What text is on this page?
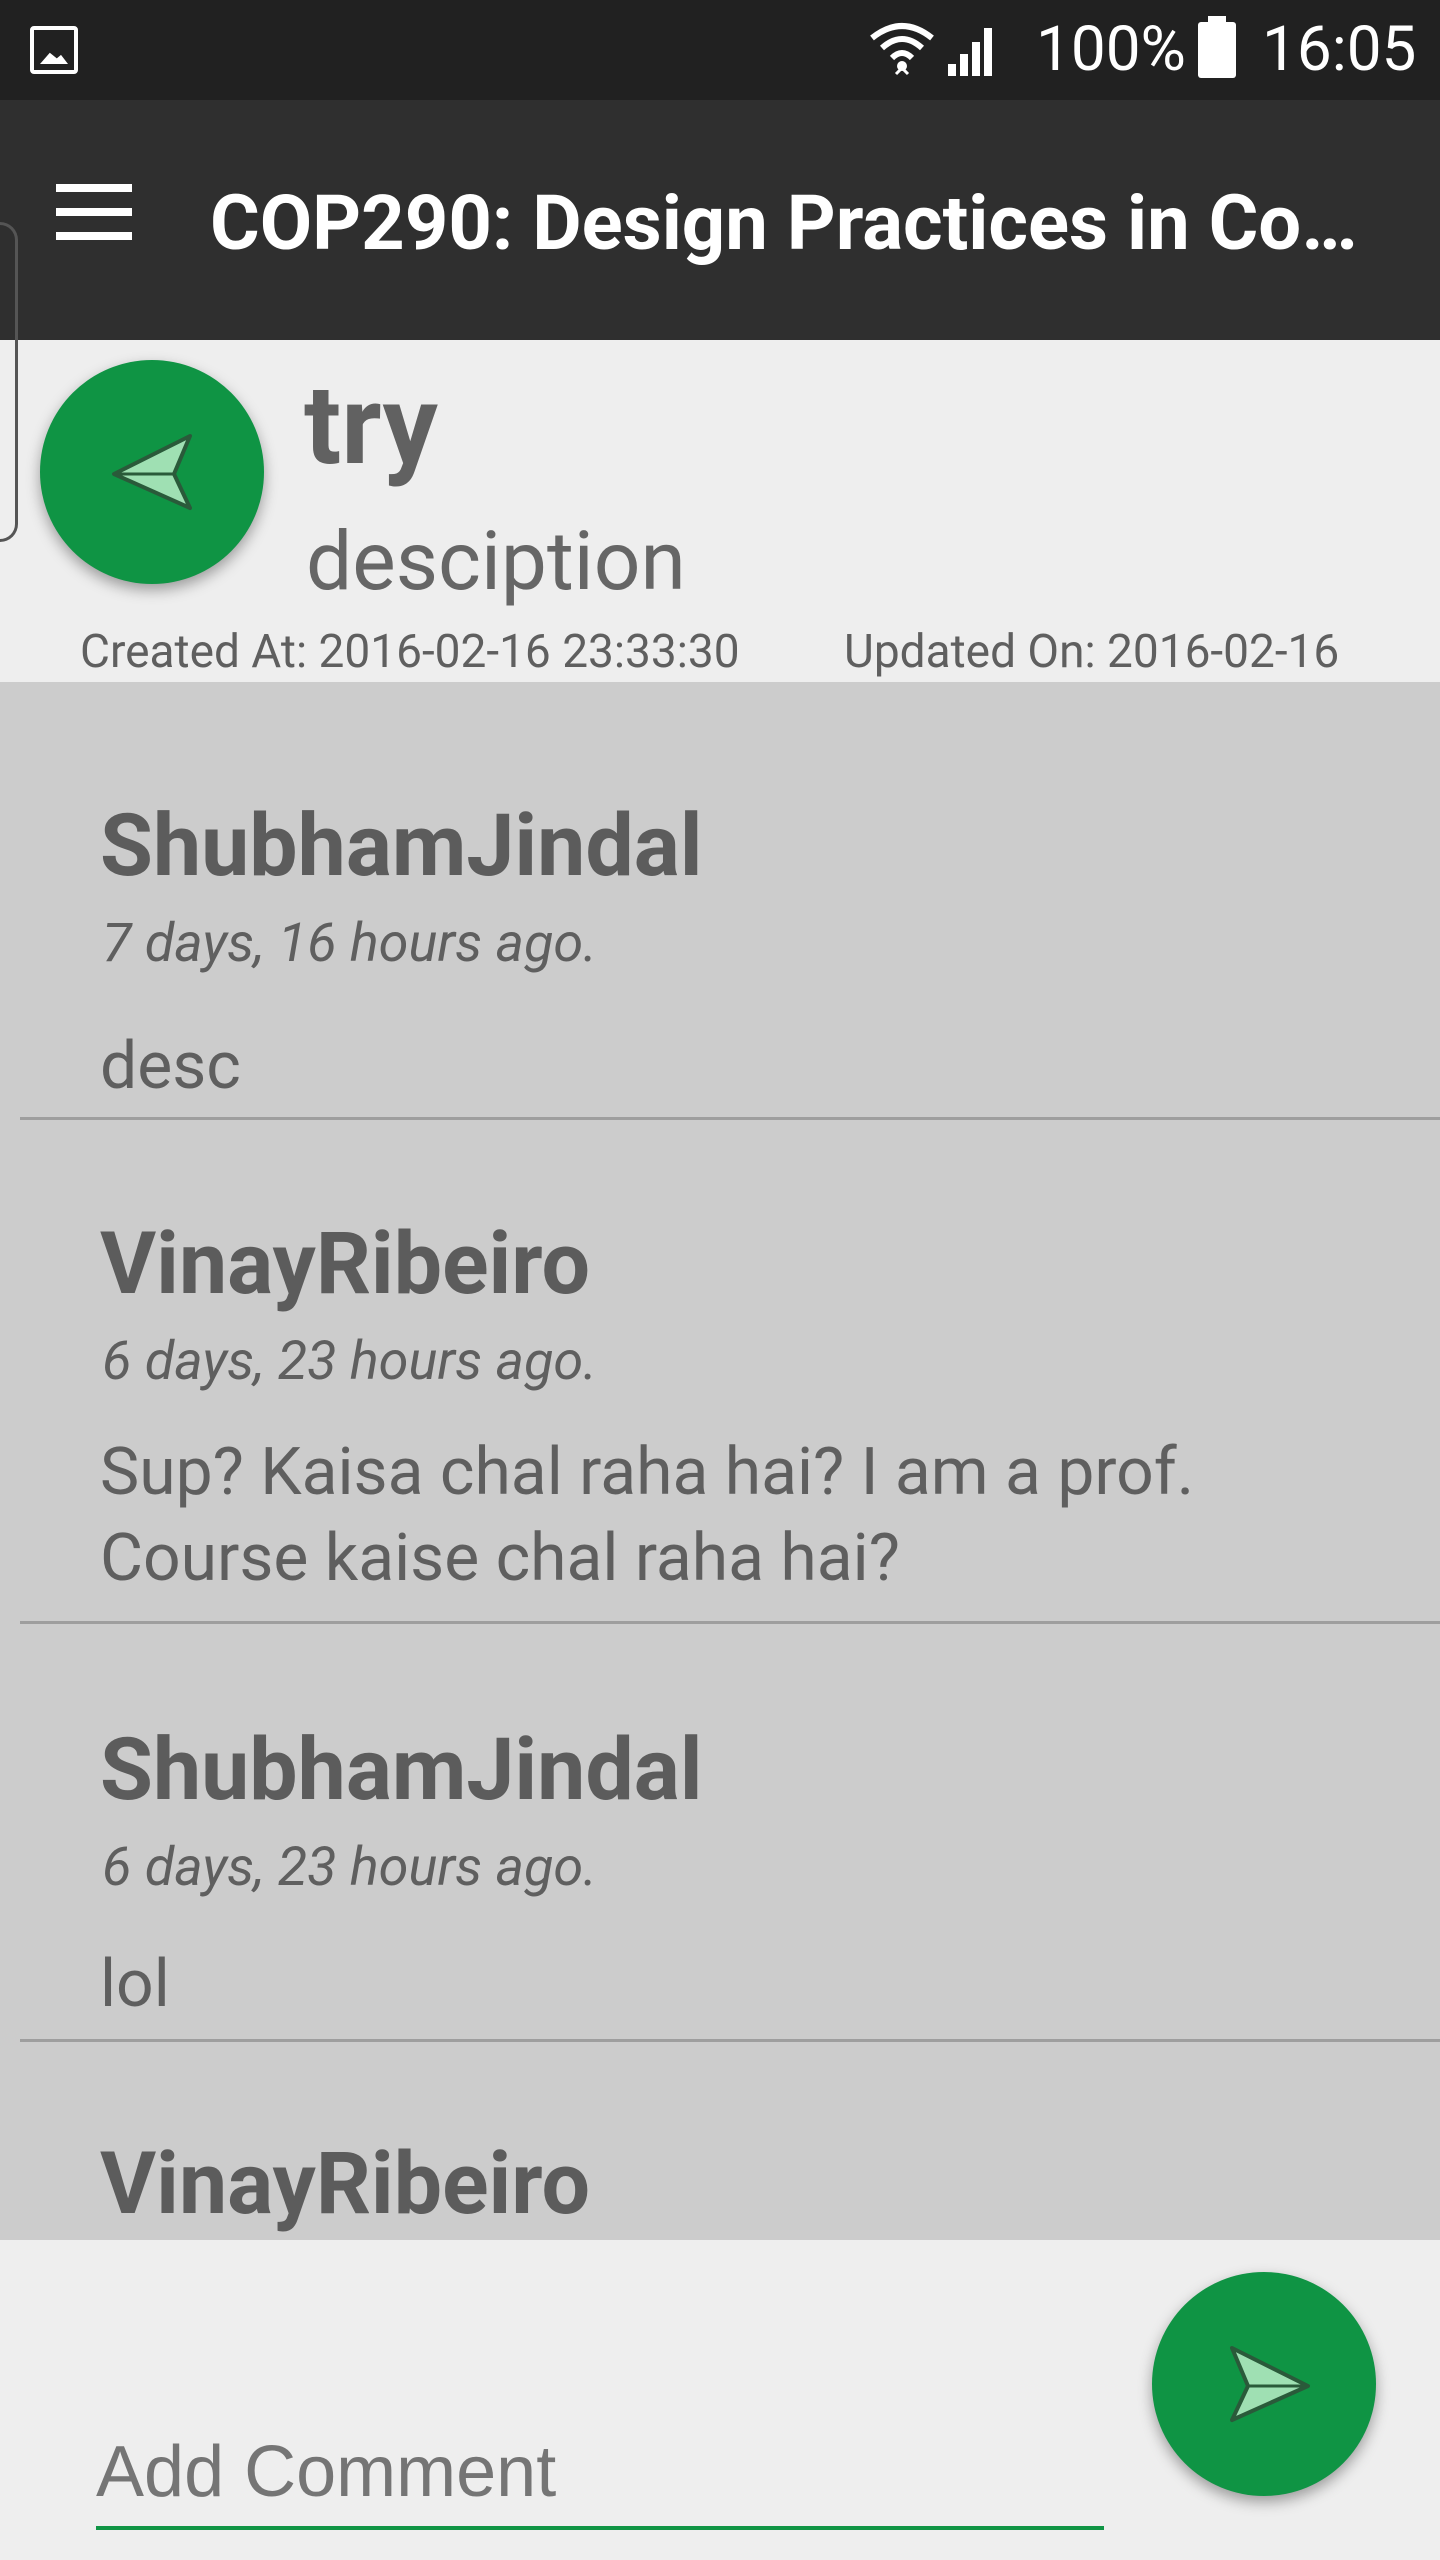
100% 16:05
COP290: Design Practices in Co…
try
desciption
Created At: 2016-02-16 23:33:30 Updated On: 2016-02-16
ShubhamJindal
7 days, 16 hours ago.
desc
VinayRibeiro
6 days, 23 hours ago.
Sup? Kaisa chal raha hai? I am a prof. Course kaise chal raha hai?
ShubhamJindal
6 days, 23 hours ago.
lol
VinayRibeiro
Add Comment
